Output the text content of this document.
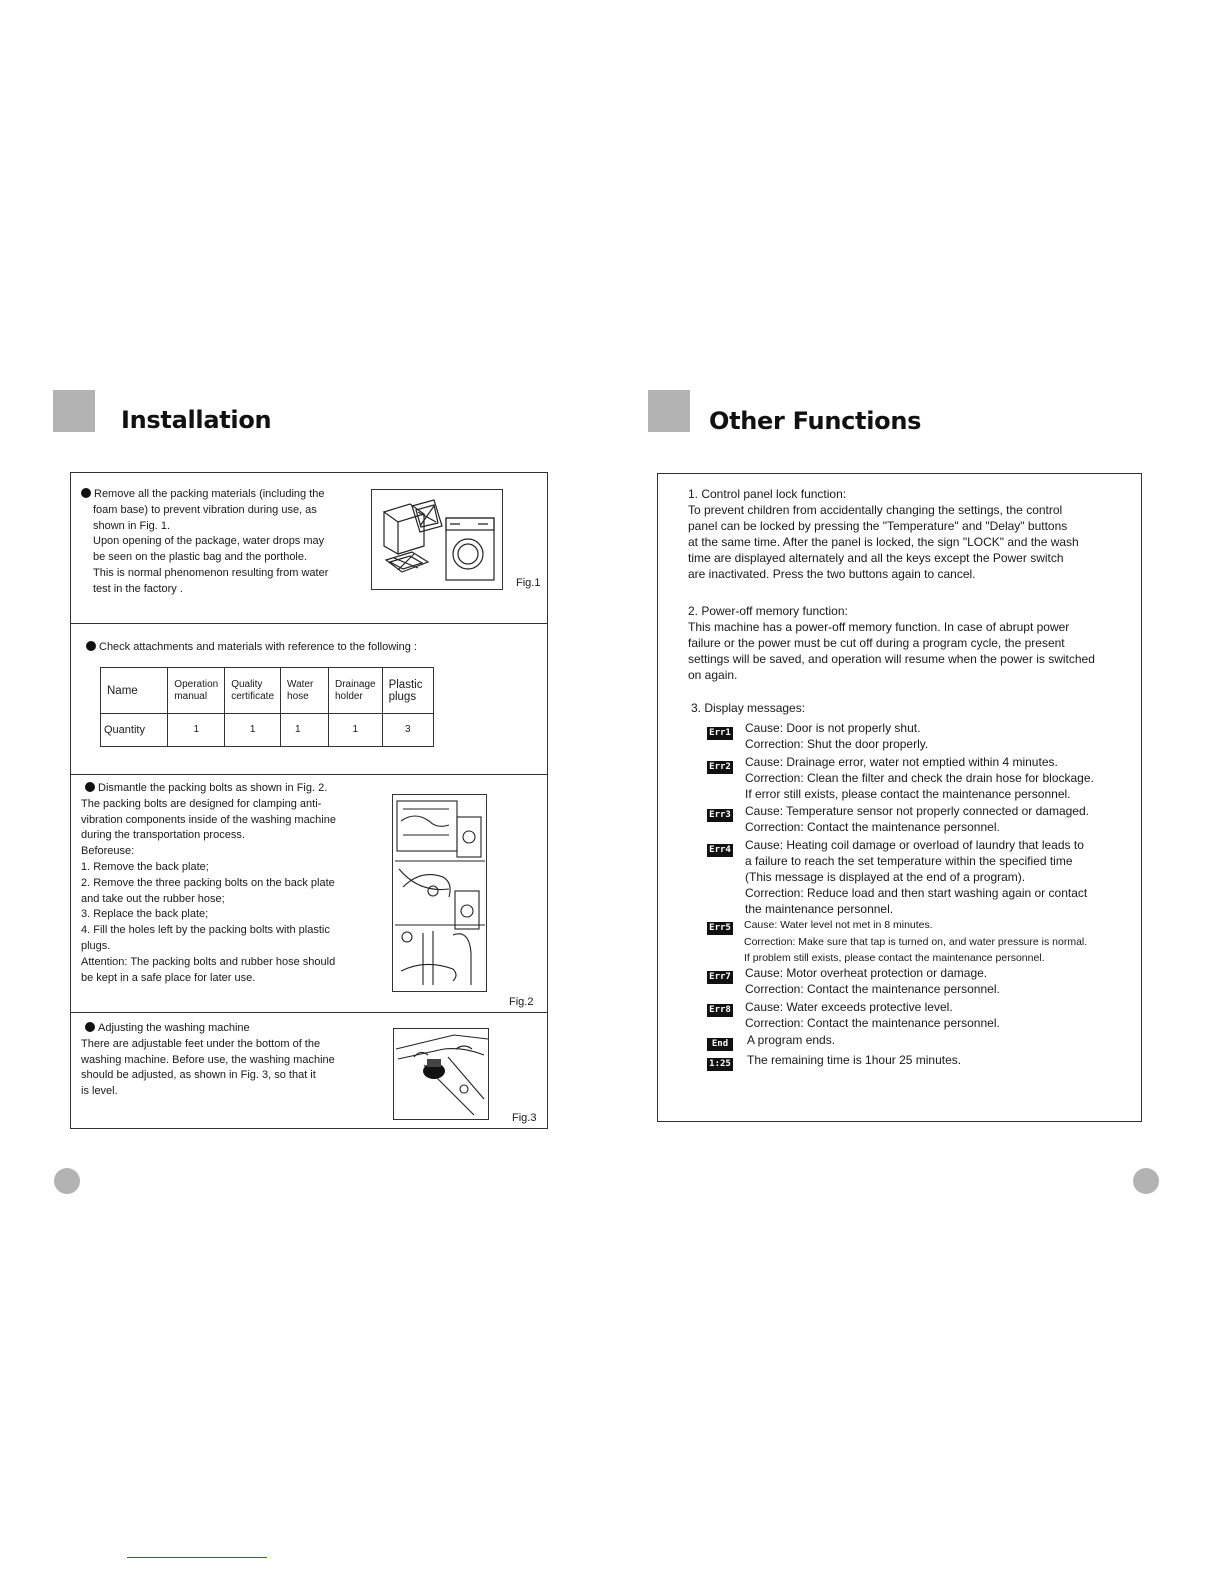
Installation
Remove all the packing materials (including the
foam base) to prevent vibration during use, as
shown in Fig. 1.
Upon opening of the package, water drops may
be seen on the plastic bag and the porthole.
This is normal phenomenon resulting from water
test in the factory .	Fig.1
Check attachments and materials with reference to the following :
Name	Operation manual	Quality certificate	Water hose	Drainage holder	Plastic plugs
Quantity	1	1	1	1	3
Dismantle the packing bolts as shown in Fig. 2.
The packing bolts are designed for clamping anti-
vibration components inside of the washing machine
during the transportation process.
Beforeuse:
1. Remove the back plate;
2. Remove the three packing bolts on the back plate
and take out the rubber hose;
3. Replace the back plate;
4. Fill the holes left by the packing bolts with plastic
plugs.
Attention: The packing bolts and rubber hose should
be kept in a safe place for later use.
Fig.2
Adjusting the washing machine
There are adjustable feet under the bottom of the
washing machine. Before use, the washing machine
should be adjusted, as shown in Fig. 3, so that it
is level.
Fig.3
Other Functions
1. Control panel lock function:
To prevent children from accidentally changing the settings, the control
panel can be locked by pressing the "Temperature" and "Delay" buttons
at the same time. After the panel is locked, the sign "LOCK" and the wash
time are displayed alternately and all the keys except the Power switch
are inactivated. Press the two buttons again to cancel.
2. Power-off memory function:
This machine has a power-off memory function. In case of abrupt power
failure or the power must be cut off during a program cycle, the present
settings will be saved, and operation will resume when the power is switched
on again.
3. Display messages:
Err1 Cause: Door is not properly shut.
Correction: Shut the door properly.
Err2 Cause: Drainage error, water not emptied within 4 minutes.
Correction: Clean the filter and check the drain hose for blockage.
If error still exists, please contact the maintenance personnel.
Err3 Cause: Temperature sensor not properly connected or damaged.
Correction: Contact the maintenance personnel.
Err4 Cause: Heating coil damage or overload of laundry that leads to
a failure to reach the set temperature within the specified time
(This message is displayed at the end of a program).
Correction: Reduce load and then start washing again or contact
the maintenance personnel.
Err5 Cause: Water level not met in 8 minutes.
Correction: Make sure that tap is turned on, and water pressure is normal.
If problem still exists, please contact the maintenance personnel.
Err7 Cause: Motor overheat protection or damage.
Correction: Contact the maintenance personnel.
Err8 Cause: Water exceeds protective level.
Correction: Contact the maintenance personnel.
End	A program ends.
1:25 The remaining time is 1hour 25 minutes.
